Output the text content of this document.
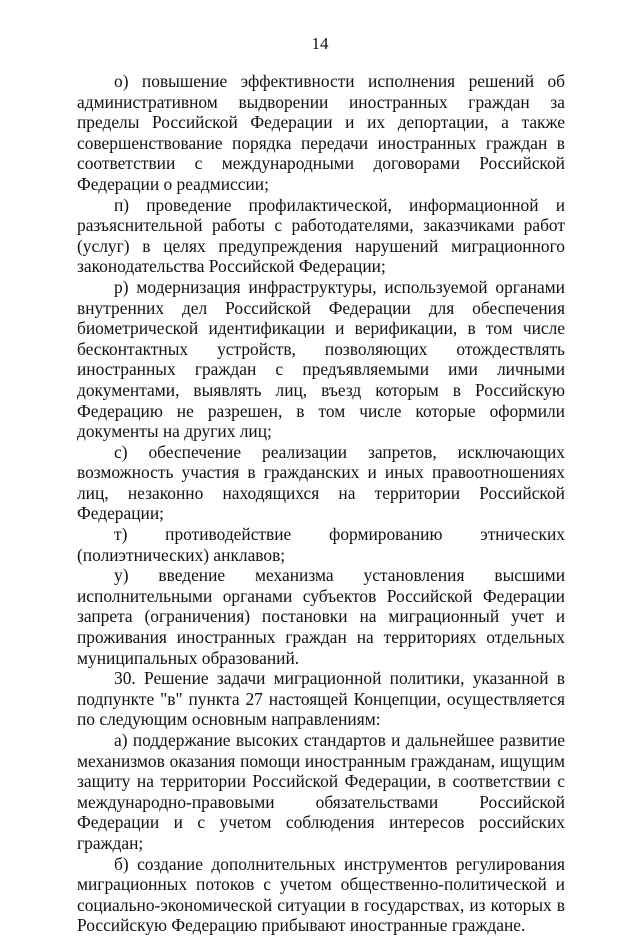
14

о) повышение эффективности исполнения решений об административном выдворении иностранных граждан за пределы Российской Федерации и их депортации, а также совершенствование порядка передачи иностранных граждан в соответствии с международными договорами Российской Федерации о реадмиссии;

п) проведение профилактической, информационной и разъяснительной работы с работодателями, заказчиками работ (услуг) в целях предупреждения нарушений миграционного законодательства Российской Федерации;

р) модернизация инфраструктуры, используемой органами внутренних дел Российской Федерации для обеспечения биометрической идентификации и верификации, в том числе бесконтактных устройств, позволяющих отождествлять иностранных граждан с предъявляемыми ими личными документами, выявлять лиц, въезд которым в Российскую Федерацию не разрешен, в том числе которые оформили документы на других лиц;

с) обеспечение реализации запретов, исключающих возможность участия в гражданских и иных правоотношениях лиц, незаконно находящихся на территории Российской Федерации;

т) противодействие формированию этнических (полиэтнических) анклавов;

у) введение механизма установления высшими исполнительными органами субъектов Российской Федерации запрета (ограничения) постановки на миграционный учет и проживания иностранных граждан на территориях отдельных муниципальных образований.

30. Решение задачи миграционной политики, указанной в подпункте "в" пункта 27 настоящей Концепции, осуществляется по следующим основным направлениям:

а) поддержание высоких стандартов и дальнейшее развитие механизмов оказания помощи иностранным гражданам, ищущим защиту на территории Российской Федерации, в соответствии с международно-правовыми обязательствами Российской Федерации и с учетом соблюдения интересов российских граждан;

б) создание дополнительных инструментов регулирования миграционных потоков с учетом общественно-политической и социально-экономической ситуации в государствах, из которых в Российскую Федерацию прибывают иностранные граждане.
